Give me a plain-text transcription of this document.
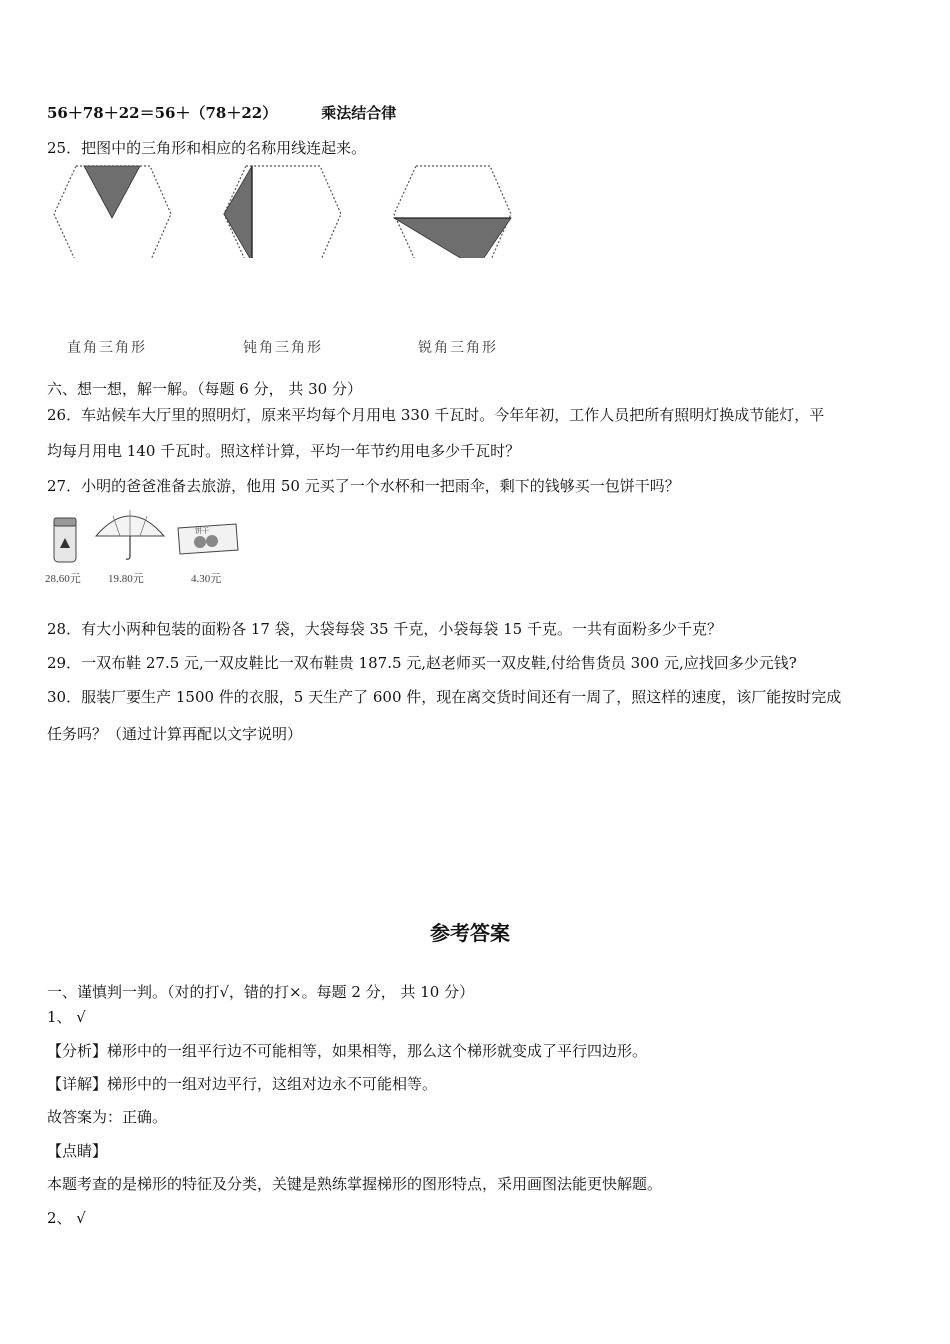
56＋78＋22＝56＋（78＋22）	乘法结合律
25．把图中的三角形和相应的名称用线连起来。
直角三角形	钝角三角形	锐角三角形
六、想一想，解一解。（每题 6 分， 共 30 分）
26．车站候车大厅里的照明灯，原来平均每个月用电 330 千瓦时。今年年初，工作人员把所有照明灯换成节能灯，平
均每月用电 140 千瓦时。照这样计算，平均一年节约用电多少千瓦时？
27．小明的爸爸准备去旅游，他用 50 元买了一个水杯和一把雨伞，剩下的钱够买一包饼干吗？
饼干
28.60元 19.80元	4.30元
28．有大小两种包装的面粉各 17 袋，大袋每袋 35 千克，小袋每袋 15 千克。一共有面粉多少千克？
29．一双布鞋 27.5 元,一双皮鞋比一双布鞋贵 187.5 元,赵老师买一双皮鞋,付给售货员 300 元,应找回多少元钱?
30．服装厂要生产 1500 件的衣服，5 天生产了 600 件，现在离交货时间还有一周了，照这样的速度，该厂能按时完成
任务吗？（通过计算再配以文字说明）
参考答案
一、谨慎判一判。（对的打√，错的打×。每题 2 分， 共 10 分）
1、 √
【分析】梯形中的一组平行边不可能相等，如果相等，那么这个梯形就变成了平行四边形。
【详解】梯形中的一组对边平行，这组对边永不可能相等。
故答案为：正确。
【点睛】
本题考查的是梯形的特征及分类，关键是熟练掌握梯形的图形特点，采用画图法能更快解题。
2、 √
